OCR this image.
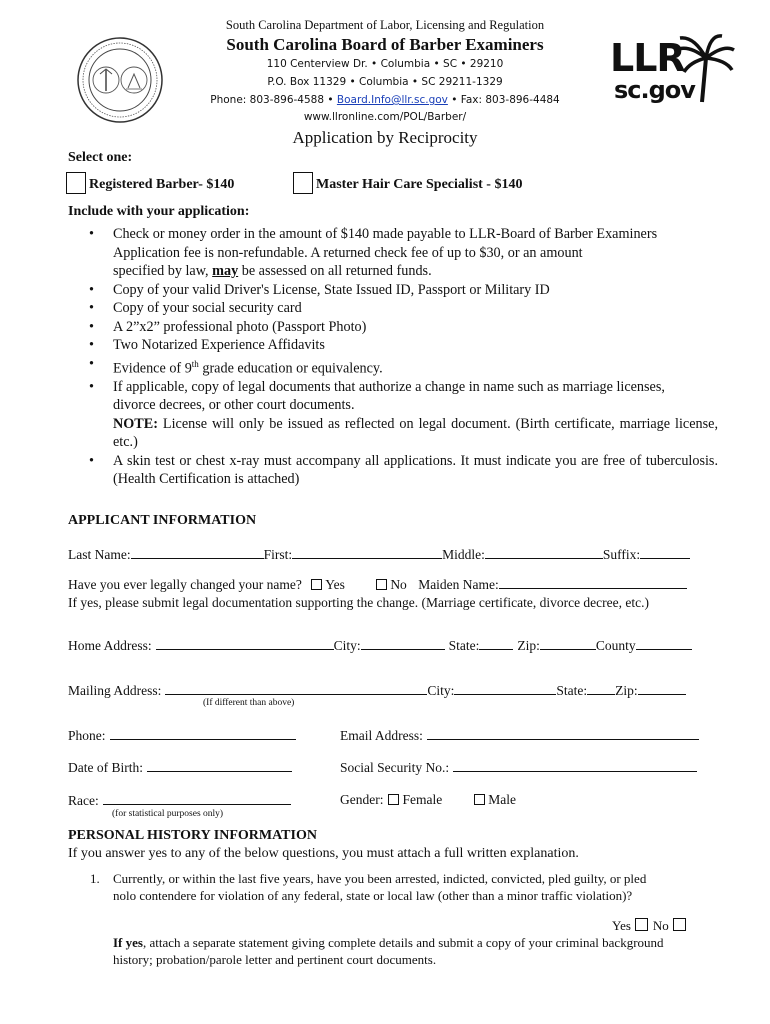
South Carolina Department of Labor, Licensing and Regulation
South Carolina Board of Barber Examiners
110 Centerview Dr. • Columbia • SC • 29210
P.O. Box 11329 • Columbia • SC 29211-1329
Phone: 803-896-4588 • Board.Info@llr.sc.gov • Fax: 803-896-4484
www.llronline.com/POL/Barber/
LLR
sc.gov
Application by Reciprocity
Select one:
Registered Barber- $140	Master Hair Care Specialist - $140
Include with your application:
• Check or money order in the amount of $140 made payable to LLR-Board of Barber Examiners
Application fee is non-refundable. A returned check fee of up to $30, or an amount
specified by law, may be assessed on all returned funds.
• Copy of your valid Driver's License, State Issued ID, Passport or Military ID
• Copy of your social security card
• A 2”x2” professional photo (Passport Photo)
• Two Notarized Experience Affidavits
• Evidence of 9th grade education or equivalency.
• If applicable, copy of legal documents that authorize a change in name such as marriage licenses,
divorce decrees, or other court documents.
NOTE: License will only be issued as reflected on legal document. (Birth certificate, marriage license, etc.)
• A skin test or chest x-ray must accompany all applications. It must indicate you are free of tuberculosis. (Health Certification is attached)
APPLICANT INFORMATION
Last Name:	First:	Middle:	Suffix:
Have you ever legally changed your name? Yes	No Maiden Name:
If yes, please submit legal documentation supporting the change. (Marriage certificate, divorce decree, etc.)
Home Address:	City:	State:	Zip:	County
Mailing Address:	City:	State: Zip:
(If different than above)
Phone:	Email Address:
Date of Birth:	Social Security No.:
Race:
(for statistical purposes only)
Gender: Female	Male
PERSONAL HISTORY INFORMATION
If you answer yes to any of the below questions, you must attach a full written explanation.
1. Currently, or within the last five years, have you been arrested, indicted, convicted, pled guilty, or pled
nolo contendere for violation of any federal, state or local law (other than a minor traffic violation)?
Yes No
If yes, attach a separate statement giving complete details and submit a copy of your criminal background
history; probation/parole letter and pertinent court documents.
